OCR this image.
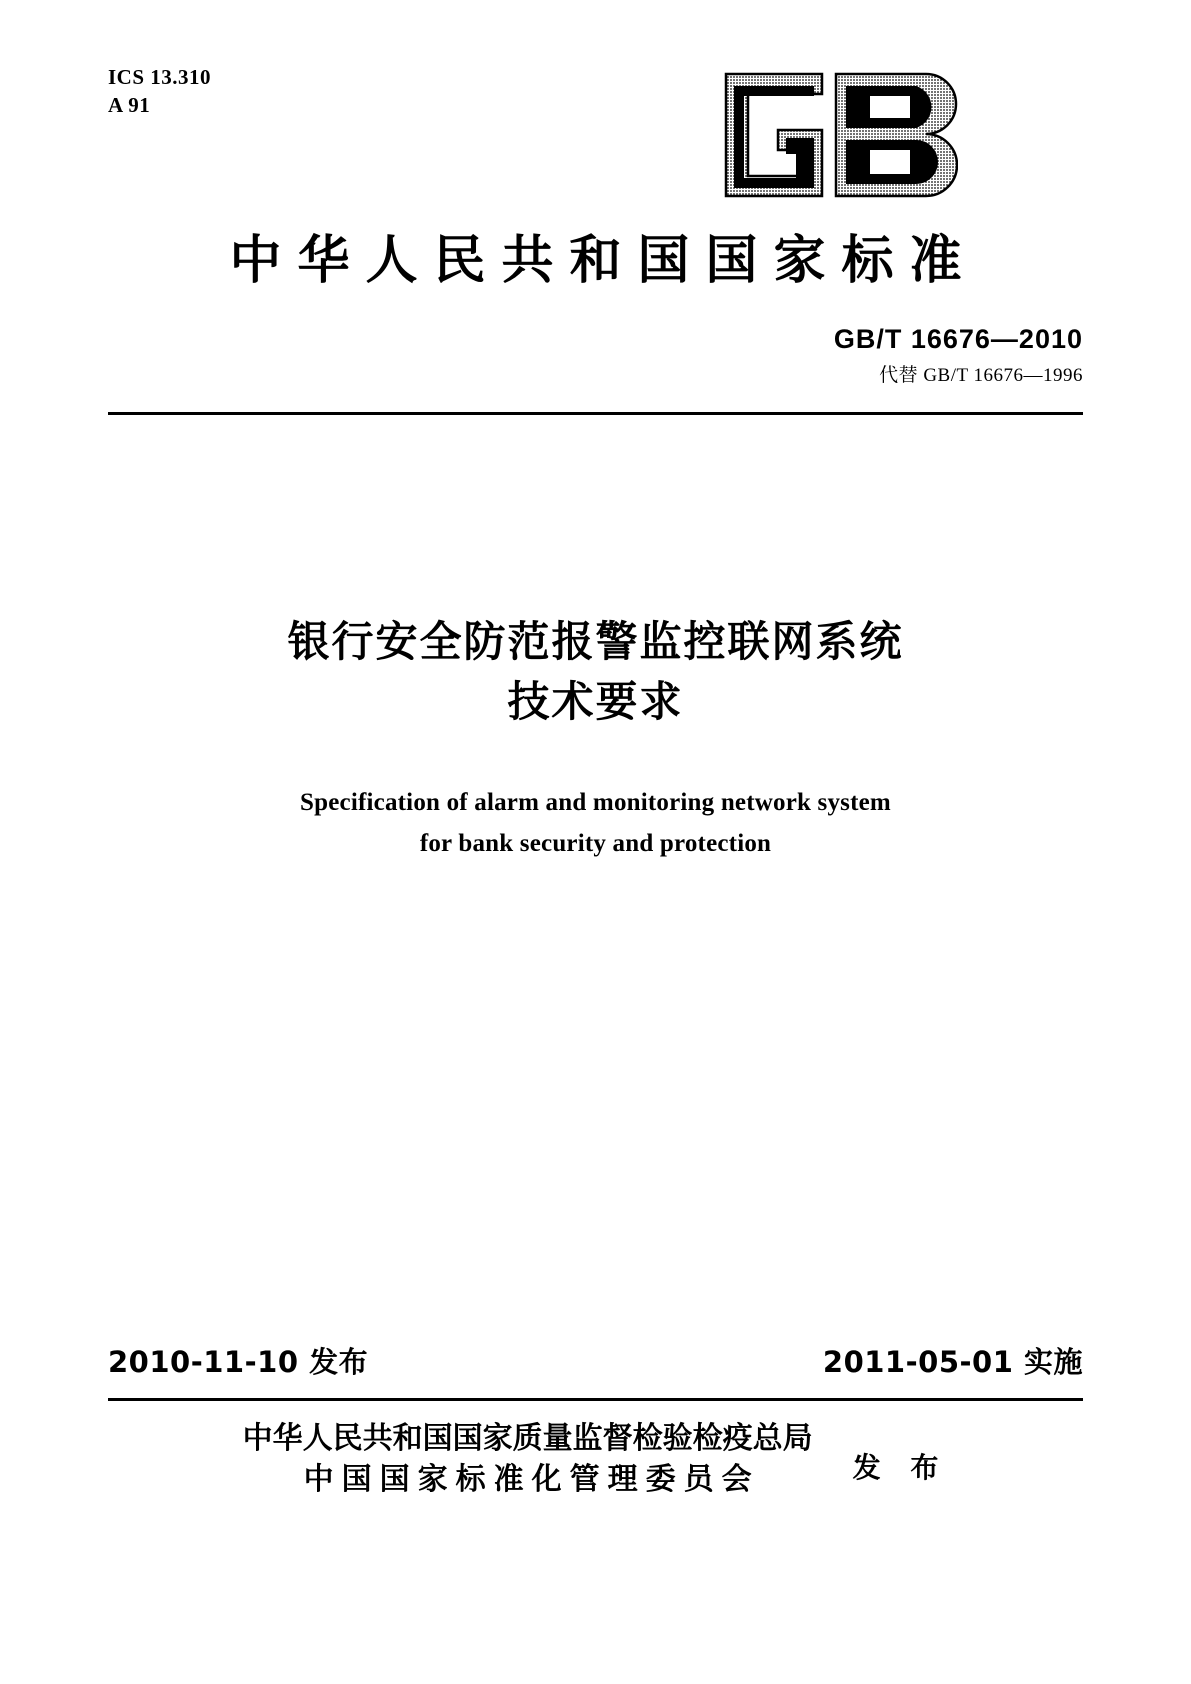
ICS 13.310
A 91
中华人民共和国国家标准
GB/T 16676—2010
代替 GB/T 16676—1996
银行安全防范报警监控联网系统
技术要求
Specification of alarm and monitoring network system
for bank security and protection
2010-11-10 发布	2011-05-01 实施
中华人民共和国国家质量监督检验检疫总局
中国国家标准化管理委员会	发 布
